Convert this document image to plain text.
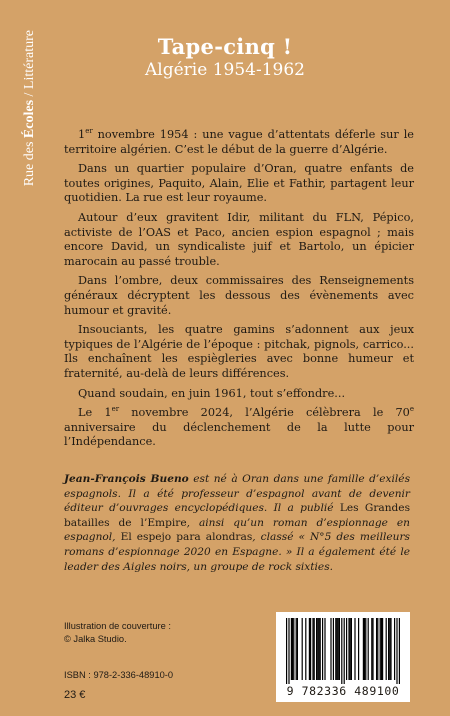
Rue des Écoles / Littérature	Tape-cinq !
Algérie 1954-1962

1er novembre 1954 : une vague d’attentats déferle sur le territoire algérien. C’est le début de la guerre d’Algérie.

Dans un quartier populaire d’Oran, quatre enfants de toutes origines, Paquito, Alain, Elie et Fathir, partagent leur quotidien. La rue est leur royaume.

Autour d’eux gravitent Idir, militant du FLN, Pépico, activiste de l’OAS et Paco, ancien espion espagnol ; mais encore David, un syndicaliste juif et Bartolo, un épicier marocain au passé trouble.

Dans l’ombre, deux commissaires des Renseignements généraux décryptent les dessous des évènements avec humour et gravité.

Insouciants, les quatre gamins s’adonnent aux jeux typiques de l’Algérie de l’époque : pitchak, pignols, carrico... Ils enchaînent les espiègleries avec bonne humeur et fraternité, au-delà de leurs différences.

Quand soudain, en juin 1961, tout s’effondre...

Le 1er novembre 2024, l’Algérie célèbrera le 70e anniversaire du déclenchement de la lutte pour l’Indépendance.

Jean-François Bueno est né à Oran dans une famille d’exilés espagnols. Il a été professeur d’espagnol avant de devenir éditeur d’ouvrages encyclopédiques. Il a publié Les Grandes batailles de l’Empire, ainsi qu’un roman d’espionnage en espagnol, El espejo para alondras, classé « N°5 des meilleurs romans d’espionnage 2020 en Espagne. » Il a également été le leader des Aigles noirs, un groupe de rock sixties.
Illustration de couverture :
© Jalka Studio.
ISBN : 978-2-336-48910-0
23 €	9 782336 489100
